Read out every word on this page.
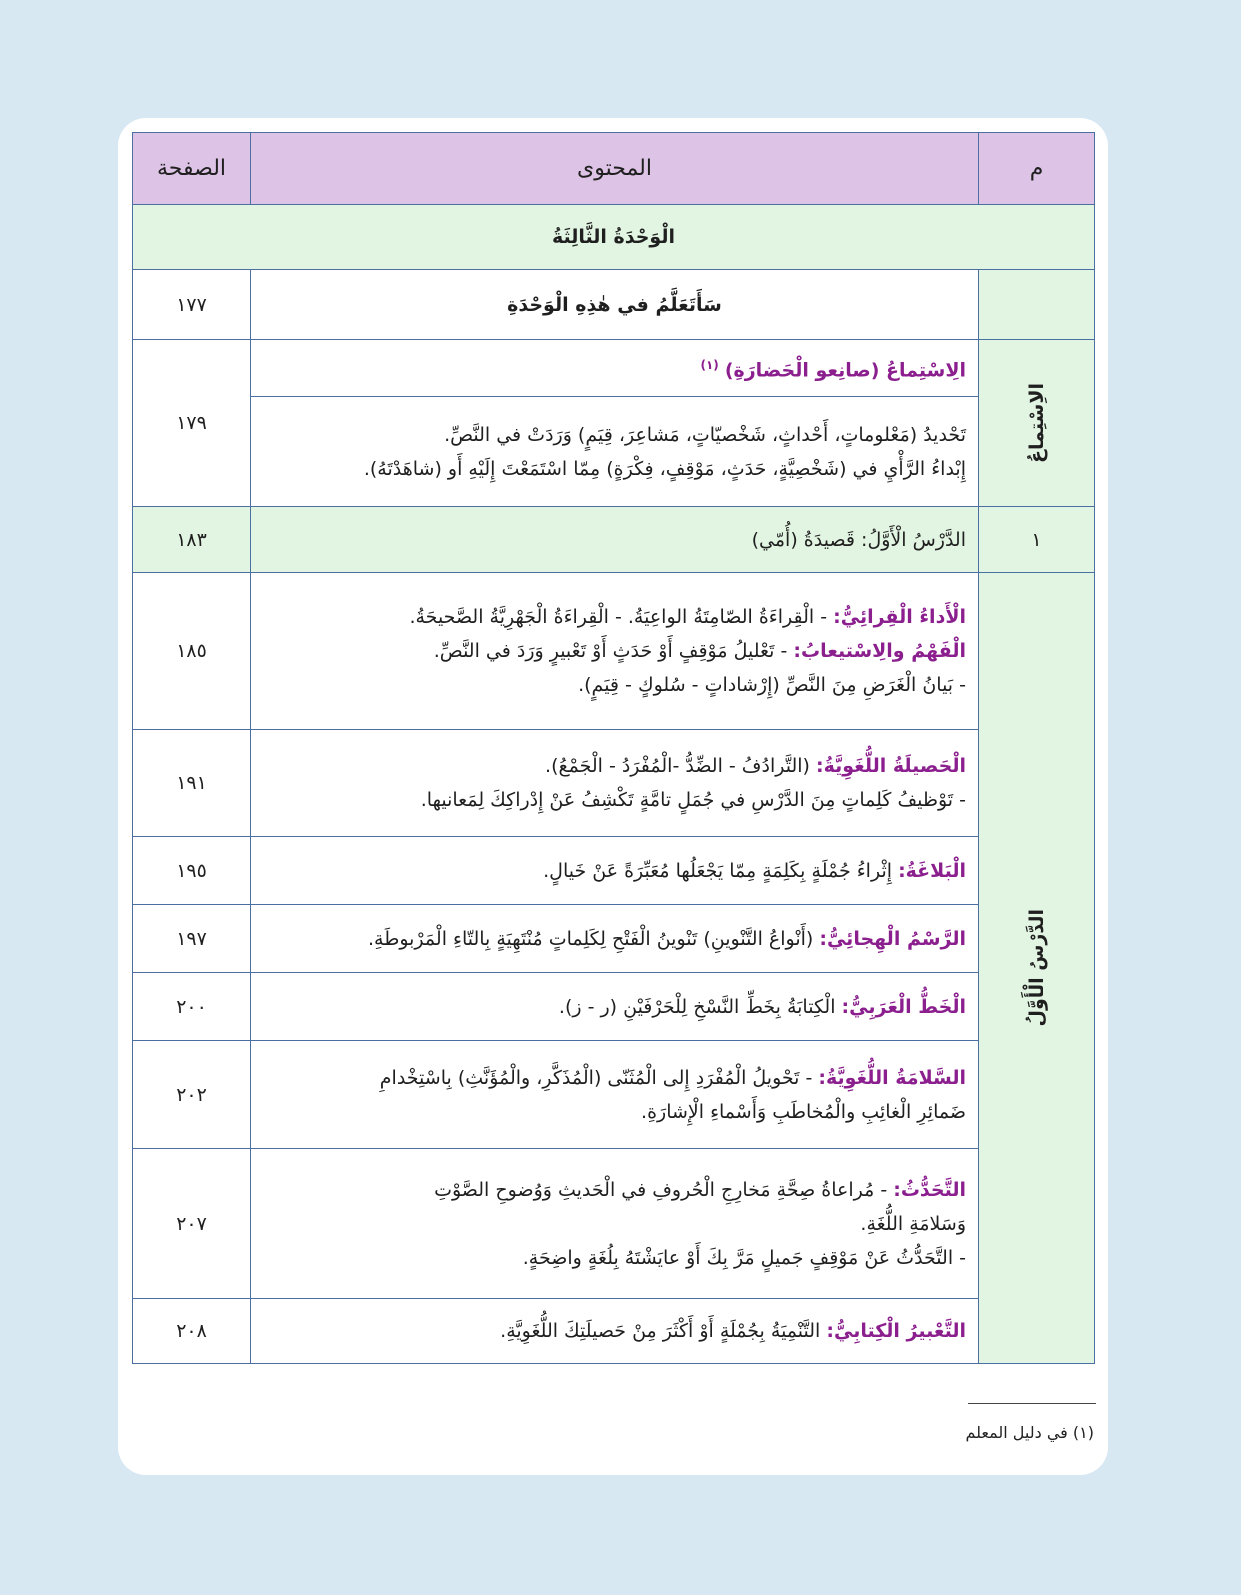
م	المحتوى	الصفحة
الْوَحْدَةُ الثَّالِثَةُ		
	سَأَتَعَلَّمُ في هٰذِهِ الْوَحْدَةِ	١٧٧

الاِسْتِماعُ	الِاسْتِماعُ (صانِعو الْحَضارَةِ) $^{(١)}$	١٧٩

	تَحْديدُ (مَعْلوماتٍ، أَحْداثٍ، شَخْصيّاتٍ، مَشاعِرَ، قِيَمٍ) وَرَدَتْ في النَّصِّ.
إِبْداءُ الرَّأْيِ في (شَخْصِيَّةٍ، حَدَثٍ، مَوْقِفٍ، فِكْرَةٍ) مِمّا اسْتَمَعْتَ إِلَيْهِ أَو (شاهَدْتَهُ).	

١	الدَّرْسُ الْأَوَّلُ: قَصيدَةُ (أُمّي)	١٨٣

الدَّرْسُ الْأَوَّلُ	الْأَداءُ الْقِرائِيُّ: - الْقِراءَةُ الصّامِتَةُ الواعِيَةُ. - الْقِراءَةُ الْجَهْرِيَّةُ الصَّحيحَةُ.
الْفَهْمُ والِاسْتيعابُ: - تَعْليلُ مَوْقِفٍ أَوْ حَدَثٍ أَوْ تَعْبيرٍ وَرَدَ في النَّصِّ.
- بَيانُ الْغَرَضِ مِنَ النَّصِّ (إِرْشاداتٍ - سُلوكٍ - قِيَمٍ).	١٨٥

	الْحَصيلَةُ اللُّغَوِيَّةُ: (التَّرادُفُ - الضِّدُّ -الْمُفْرَدُ - الْجَمْعُ).
- تَوْظيفُ كَلِماتٍ مِنَ الدَّرْسِ في جُمَلٍ تامَّةٍ تَكْشِفُ عَنْ إِدْراكِكَ لِمَعانيها.	١٩١
	الْبَلاغَةُ: إِثْراءُ جُمْلَةٍ بِكَلِمَةٍ مِمّا يَجْعَلُها مُعَبِّرَةً عَنْ خَيالٍ.	١٩٥
	الرَّسْمُ الْهِجائِيُّ: (أَنْواعُ التَّنْوينِ) تَنْوينُ الْفَتْحِ لِكَلِماتٍ مُنْتَهِيَةٍ بِالتّاءِ الْمَرْبوطَةِ.	١٩٧
	الْخَطُّ الْعَرَبِيُّ: الْكِتابَةُ بِخَطِّ النَّسْخِ لِلْحَرْفَيْنِ (ر - ز).	٢٠٠

	السَّلامَةُ اللُّغَوِيَّةُ: - تَحْويلُ الْمُفْرَدِ إِلى الْمُثَنّى (الْمُذَكَّرِ، والْمُؤَنَّثِ) بِاسْتِخْدامِ
ضَمائِرِ الْغائِبِ والْمُخاطَبِ وَأَسْماءِ الْإِشارَةِ.	٢٠٢

	التَّحَدُّثُ: - مُراعاةُ صِحَّةِ مَخارِجِ الْحُروفِ في الْحَديثِ وَوُضوحِ الصَّوْتِ
وَسَلامَةِ اللُّغَةِ.
- التَّحَدُّثُ عَنْ مَوْقِفٍ جَميلٍ مَرَّ بِكَ أَوْ عايَشْتَهُ بِلُغَةٍ واضِحَةٍ.	٢٠٧
	التَّعْبيرُ الْكِتابِيُّ: التَّنْمِيَةُ بِجُمْلَةٍ أَوْ أَكْثَرَ مِنْ حَصيلَتِكَ اللُّغَوِيَّةِ.	٢٠٨
(١) في دليل المعلم
